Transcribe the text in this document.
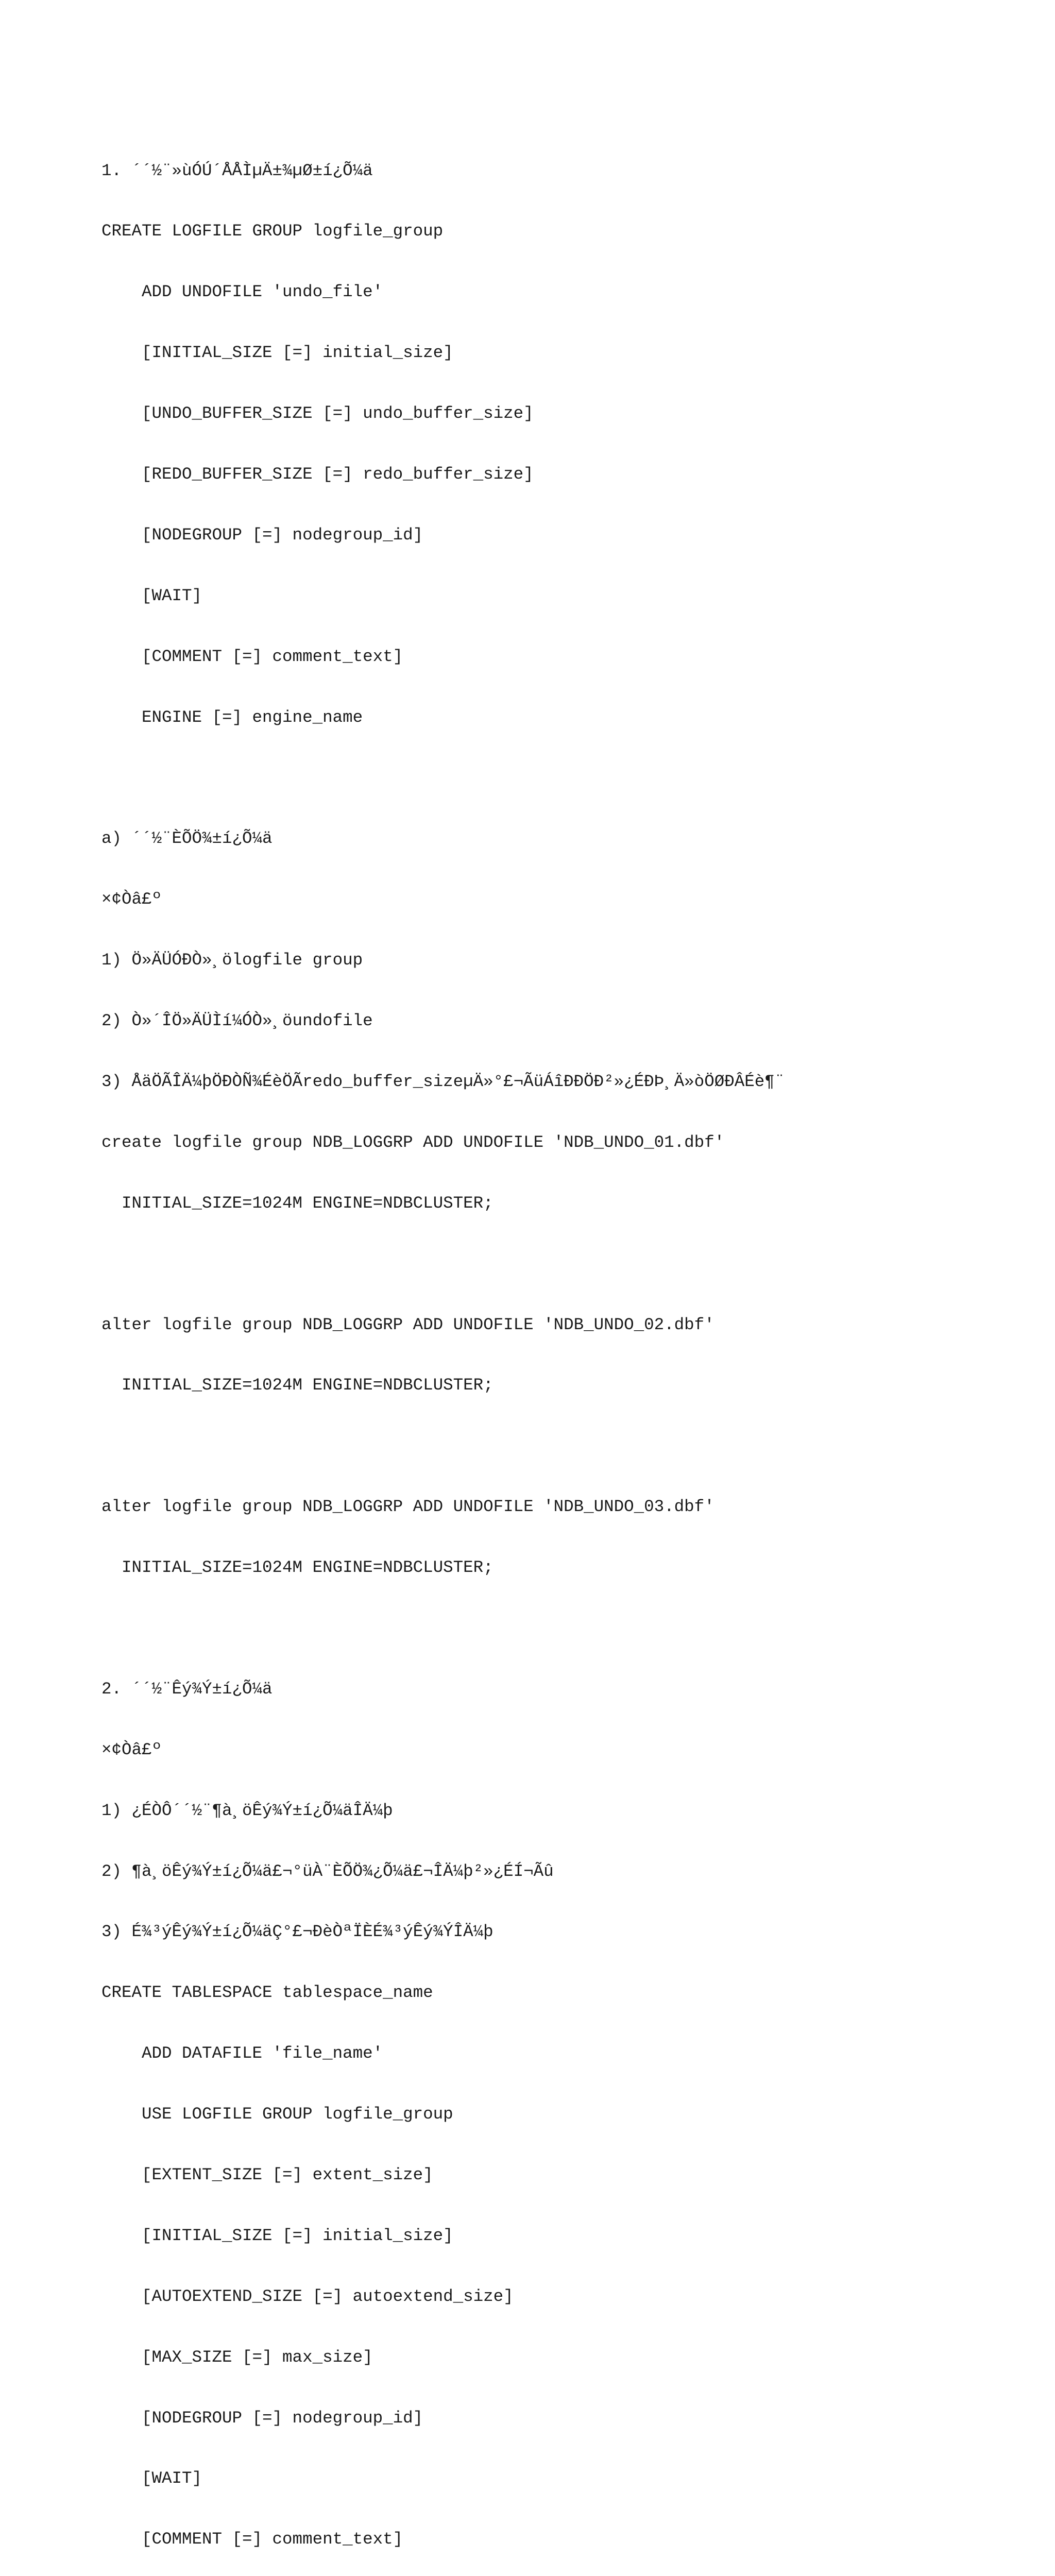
1. ´´½¨»ùÓÚ´ÅÅÌµÄ±¾µØ±í¿Õ¼ä

CREATE LOGFILE GROUP logfile_group

ADD UNDOFILE 'undo_file'

[INITIAL_SIZE [=] initial_size]

[UNDO_BUFFER_SIZE [=] undo_buffer_size]

[REDO_BUFFER_SIZE [=] redo_buffer_size]

[NODEGROUP [=] nodegroup_id]

[WAIT]

[COMMENT [=] comment_text]

ENGINE [=] engine_name

a) ´´½¨ÈÕÖ¾±í¿Õ¼ä

×¢Òâ£º

1) Ö»ÄÜÓÐÒ»¸ölogfile group

2) Ò»´ÎÖ»ÄÜÌí¼ÓÒ»¸öundofile

3) ÅäÖÃÎÄ¼þÖÐÒÑ¾ÉèÖÃredo_buffer_sizeµÄ»°£¬ÃüÁîÐÐÖÐ²»¿ÉÐÞ¸Ä»òÖØÐÂÉè¶¨

create logfile group NDB_LOGGRP ADD UNDOFILE 'NDB_UNDO_01.dbf'

INITIAL_SIZE=1024M ENGINE=NDBCLUSTER;

alter logfile group NDB_LOGGRP ADD UNDOFILE 'NDB_UNDO_02.dbf'

INITIAL_SIZE=1024M ENGINE=NDBCLUSTER;

alter logfile group NDB_LOGGRP ADD UNDOFILE 'NDB_UNDO_03.dbf'

INITIAL_SIZE=1024M ENGINE=NDBCLUSTER;

2. ´´½¨Êý¾Ý±í¿Õ¼ä

×¢Òâ£º

1) ¿ÉÒÔ´´½¨¶à¸öÊý¾Ý±í¿Õ¼äÎÄ¼þ

2) ¶à¸öÊý¾Ý±í¿Õ¼ä£¬°üÀ¨ÈÕÖ¾¿Õ¼ä£¬ÎÄ¼þ²»¿ÉÍ¬Ãû

3) É¾³ýÊý¾Ý±í¿Õ¼äÇ°£¬ÐèÒªÏÈÉ¾³ýÊý¾ÝÎÄ¼þ

CREATE TABLESPACE tablespace_name

ADD DATAFILE 'file_name'

USE LOGFILE GROUP logfile_group

[EXTENT_SIZE [=] extent_size]

[INITIAL_SIZE [=] initial_size]

[AUTOEXTEND_SIZE [=] autoextend_size]

[MAX_SIZE [=] max_size]

[NODEGROUP [=] nodegroup_id]

[WAIT]

[COMMENT [=] comment_text]
